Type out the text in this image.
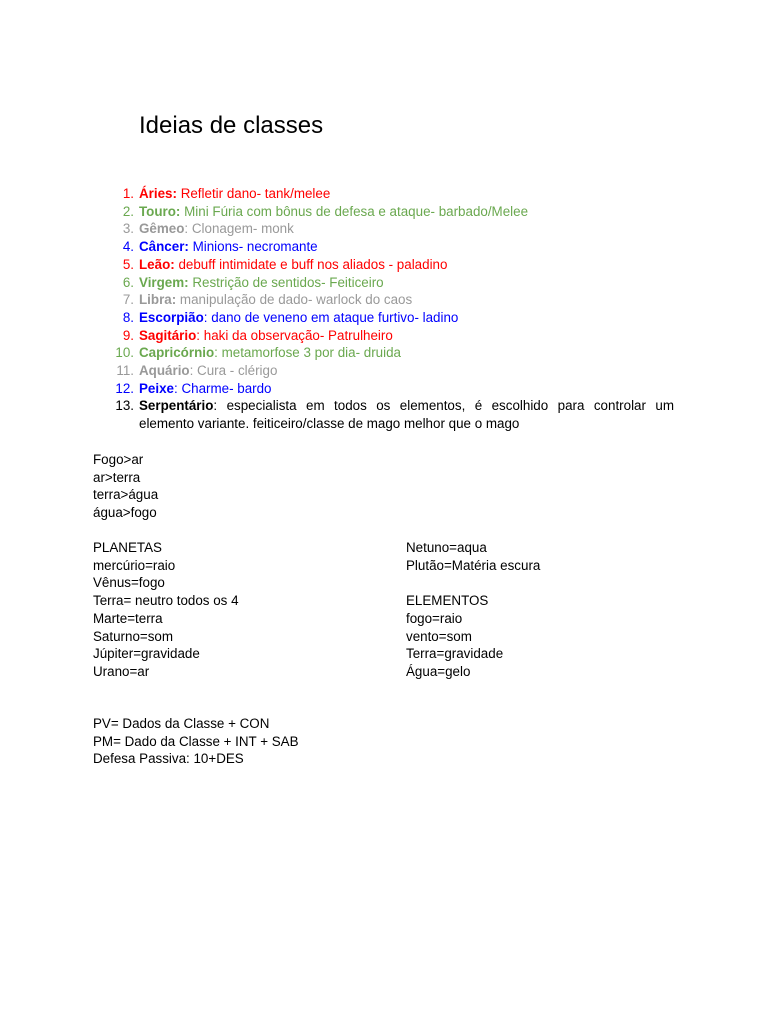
Ideias de classes
1. Áries: Refletir dano- tank/melee
2. Touro: Mini Fúria com bônus de defesa e ataque- barbado/Melee
3. Gêmeo: Clonagem- monk
4. Câncer: Minions- necromante
5. Leão: debuff intimidate e buff nos aliados - paladino
6. Virgem: Restrição de sentidos- Feiticeiro
7. Libra: manipulação de dado- warlock do caos
8. Escorpião: dano de veneno em ataque furtivo- ladino
9. Sagitário: haki da observação- Patrulheiro
10. Capricórnio: metamorfose 3 por dia- druida
11. Aquário: Cura - clérigo
12. Peixe: Charme- bardo
13. Serpentário: especialista em todos os elementos, é escolhido para controlar um elemento variante. feiticeiro/classe de mago melhor que o mago
Fogo>ar
ar>terra
terra>água
água>fogo
PLANETAS
mercúrio=raio
Vênus=fogo
Terra= neutro todos os 4
Marte=terra
Saturno=som
Júpiter=gravidade
Urano=ar
Netuno=aqua
Plutão=Matéria escura
ELEMENTOS
fogo=raio
vento=som
Terra=gravidade
Água=gelo
PV= Dados da Classe + CON
PM= Dado da Classe + INT + SAB
Defesa Passiva: 10+DES
